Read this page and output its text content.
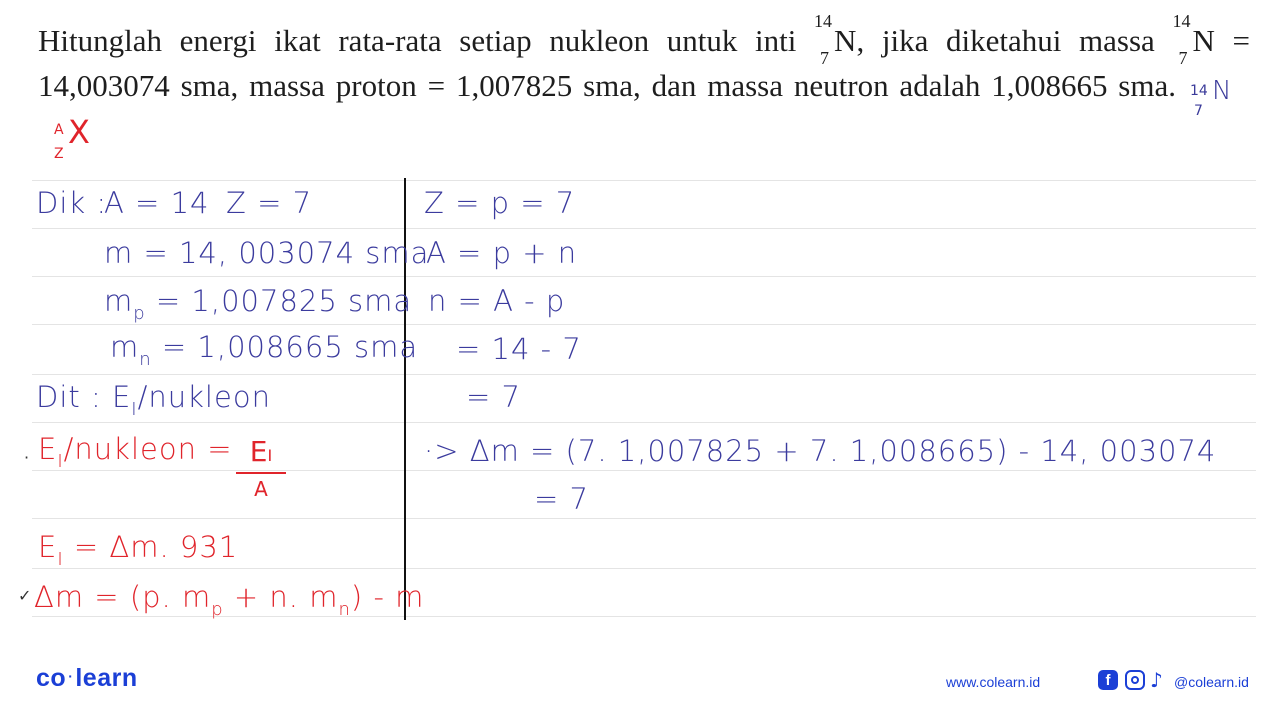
Hitunglah energi ikat rata-rata setiap nukleon untuk inti
14
7 N, jika diketahui massa
14
7 N = 14,003074 sma, massa proton = 1,007825 sma, dan massa neutron adalah 1,008665 sma. 14
7
N
A
Z
X
Dik :
A = 14 Z = 7
m = 14, 003074 sma
$m_p = 1,007825$ sma
$m_n = 1,008665$ sma
Dit : $E_I$/nukleon
· $E_I$/nukleon = EI
A
$E_I = \Delta m$. 931
✓ Δm = (p. $m_p + n$. $m_n$) - m
Z = p = 7
A = p + n
n = A - p
= 14 - 7
= 7
·> Δm = (7. 1,007825 + 7. 1,008665) - 14, 003074
= 7
co ·learn	www.colearn.id	f	♪ @colearn.id
